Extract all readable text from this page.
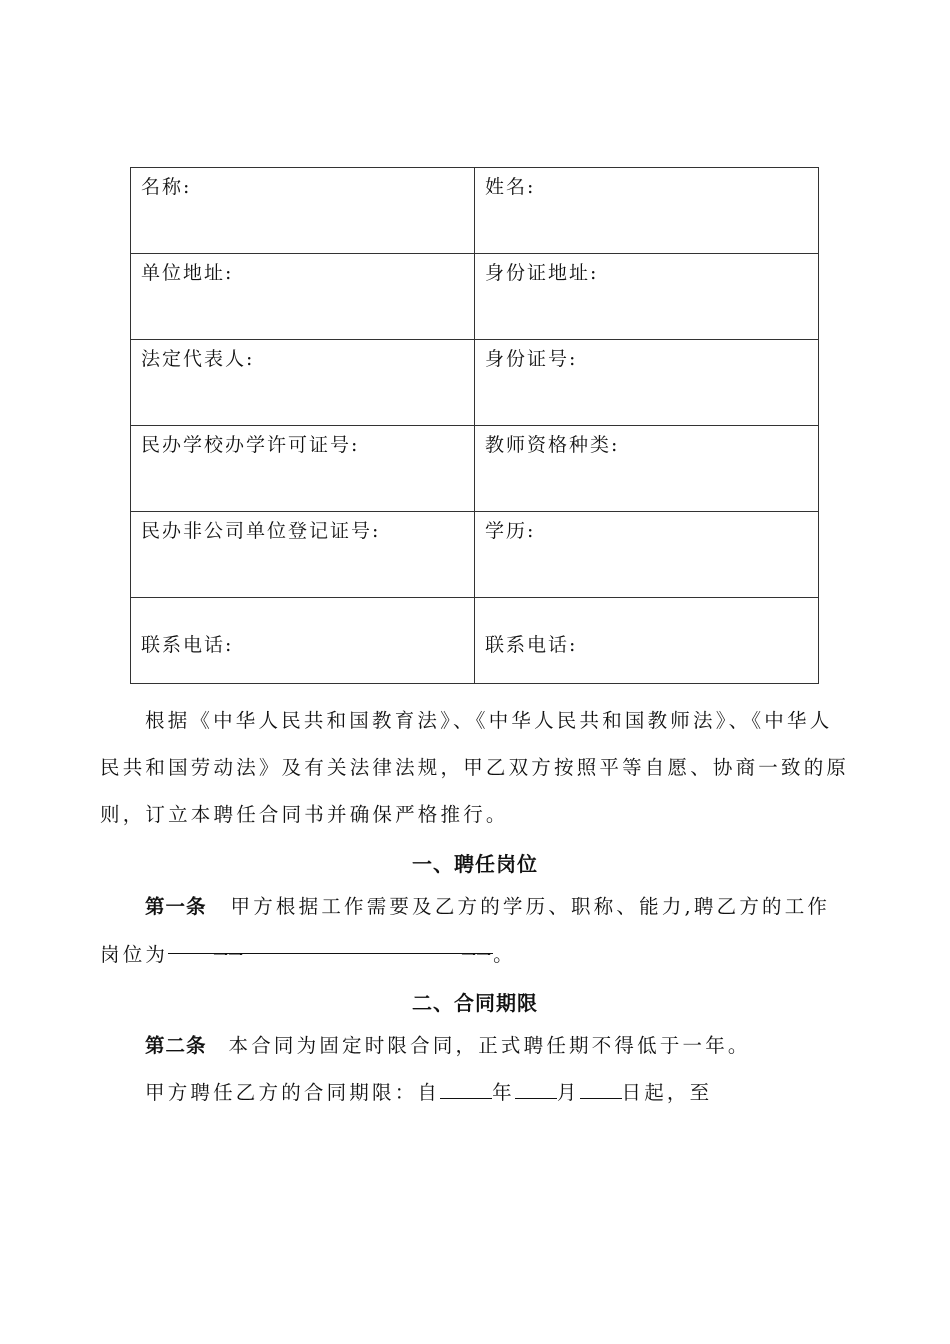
名称:	姓名:
单位地址:	身份证地址:
法定代表人:	身份证号:
民办学校办学许可证号:	教师资格种类:
民办非公司单位登记证号:	学历:
联系电话:	联系电话:

根据《中华人民共和国教育法》、《中华人民共和国教师法》、《中华人民共和国劳动法》及有关法律法规，甲乙双方按照平等自愿、协商一致的原则，订立本聘任合同书并确保严格推行。

一、聘任岗位

第一条 甲方根据工作需要及乙方的学历、职称、能力,聘乙方的工作岗位为	一一	一一 。

二、合同期限

第二条 本合同为固定时限合同，正式聘任期不得低于一年。

甲方聘任乙方的合同期限：自	年 月 日起，至
